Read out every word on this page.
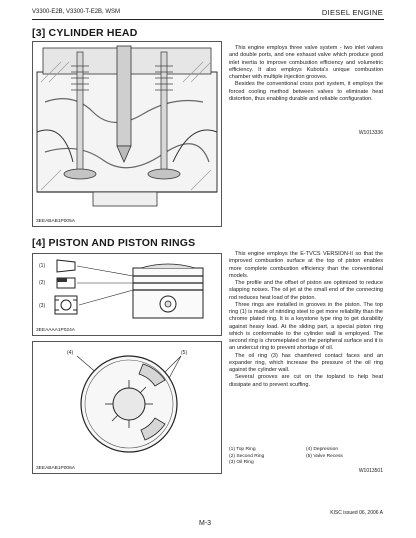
V3300-E2B, V3300-T-E2B, WSM	DIESEL ENGINE
[3] CYLINDER HEAD
3EEABAB1P005A

This engine employs three valve system - two inlet valves and double ports, and one exhaust valve which produce good inlet inertia to improve combustion efficiency and volumetric efficiency. It also employs Kubota's unique combustion chamber with multiple injection grooves.

Besides the conventional cross port system, it employs the forced cooling method between valves to eliminate heat distortion, thus enabling durable and reliable configuration.

W1013336
[4] PISTON AND PISTON RINGS
(1)
(2)
(3)
3EEAAAA1P024A
(4)	(5)
3EEABAB1P006A

This engine employs the E-TVCS VERSION-II so that the improved combustion surface at the top of piston enables more complete combustion efficiency than the conventional models.

The profile and the offset of piston are optimized to reduce slapping noises. The oil jet at the small end of the connecting rod reduces heat load of the piston.

Three rings are installed in grooves in the piston. The top ring (1) is made of nitriding steel to get more reliability than the chrome plated ring. It is a keystone type ring to get durability against heavy load. At the sliding part, a special piston ring which is conformable to the cylinder wall is employed. The second ring is chromeplated on the peripheral surface and it is an undercut ring to prevent shortage of oil.

The oil ring (3) has chamfered contact faces and an expander ring, which increase the pressure of the oil ring against the cylinder wall.

Several grooves are cut on the topland to help heat dissipate and to prevent scuffing.

(1) Top Ring	(4) Depression
(2) Second Ring	(5) Valve Recess
(3) Oil Ring
W1013501
KISC issued 06, 2006 A
M-3
